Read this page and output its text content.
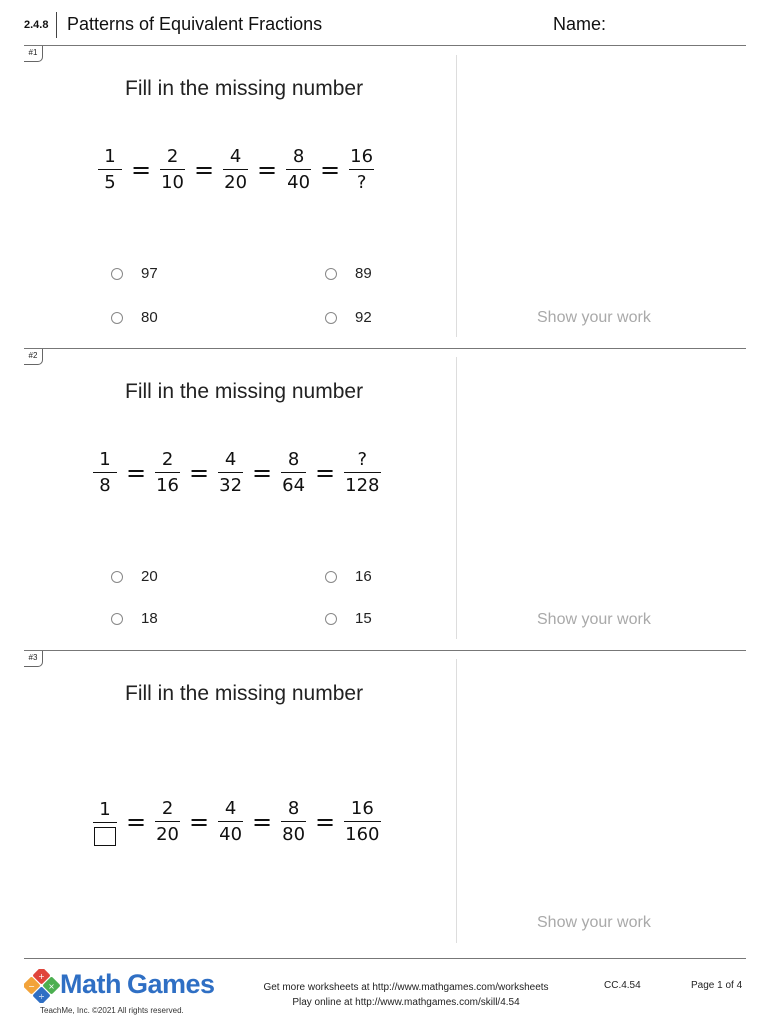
2.4.8 Patterns of Equivalent Fractions	Name:
#1
Fill in the missing number
$\frac{1}{5} = \frac{2}{10} = \frac{4}{20} = \frac{8}{40} = \frac{16}{?}$
97	89
80	92	Show your work
#2
Fill in the missing number
$\frac{1}{8} = \frac{2}{16} = \frac{4}{32} = \frac{8}{64} = \frac{?}{128}$
20	16
18	15	Show your work
#3
Fill in the missing number
$1 = \frac{2}{20} = \frac{4}{40} = \frac{8}{80} = \frac{16}{160}$
Show your work
+
− ×
÷ Math Games
TeachMe, Inc. ©2021 All rights reserved.
Get more worksheets at http://www.mathgames.com/worksheets
Play online at http://www.mathgames.com/skill/4.54
CC.4.54	Page 1 of 4
